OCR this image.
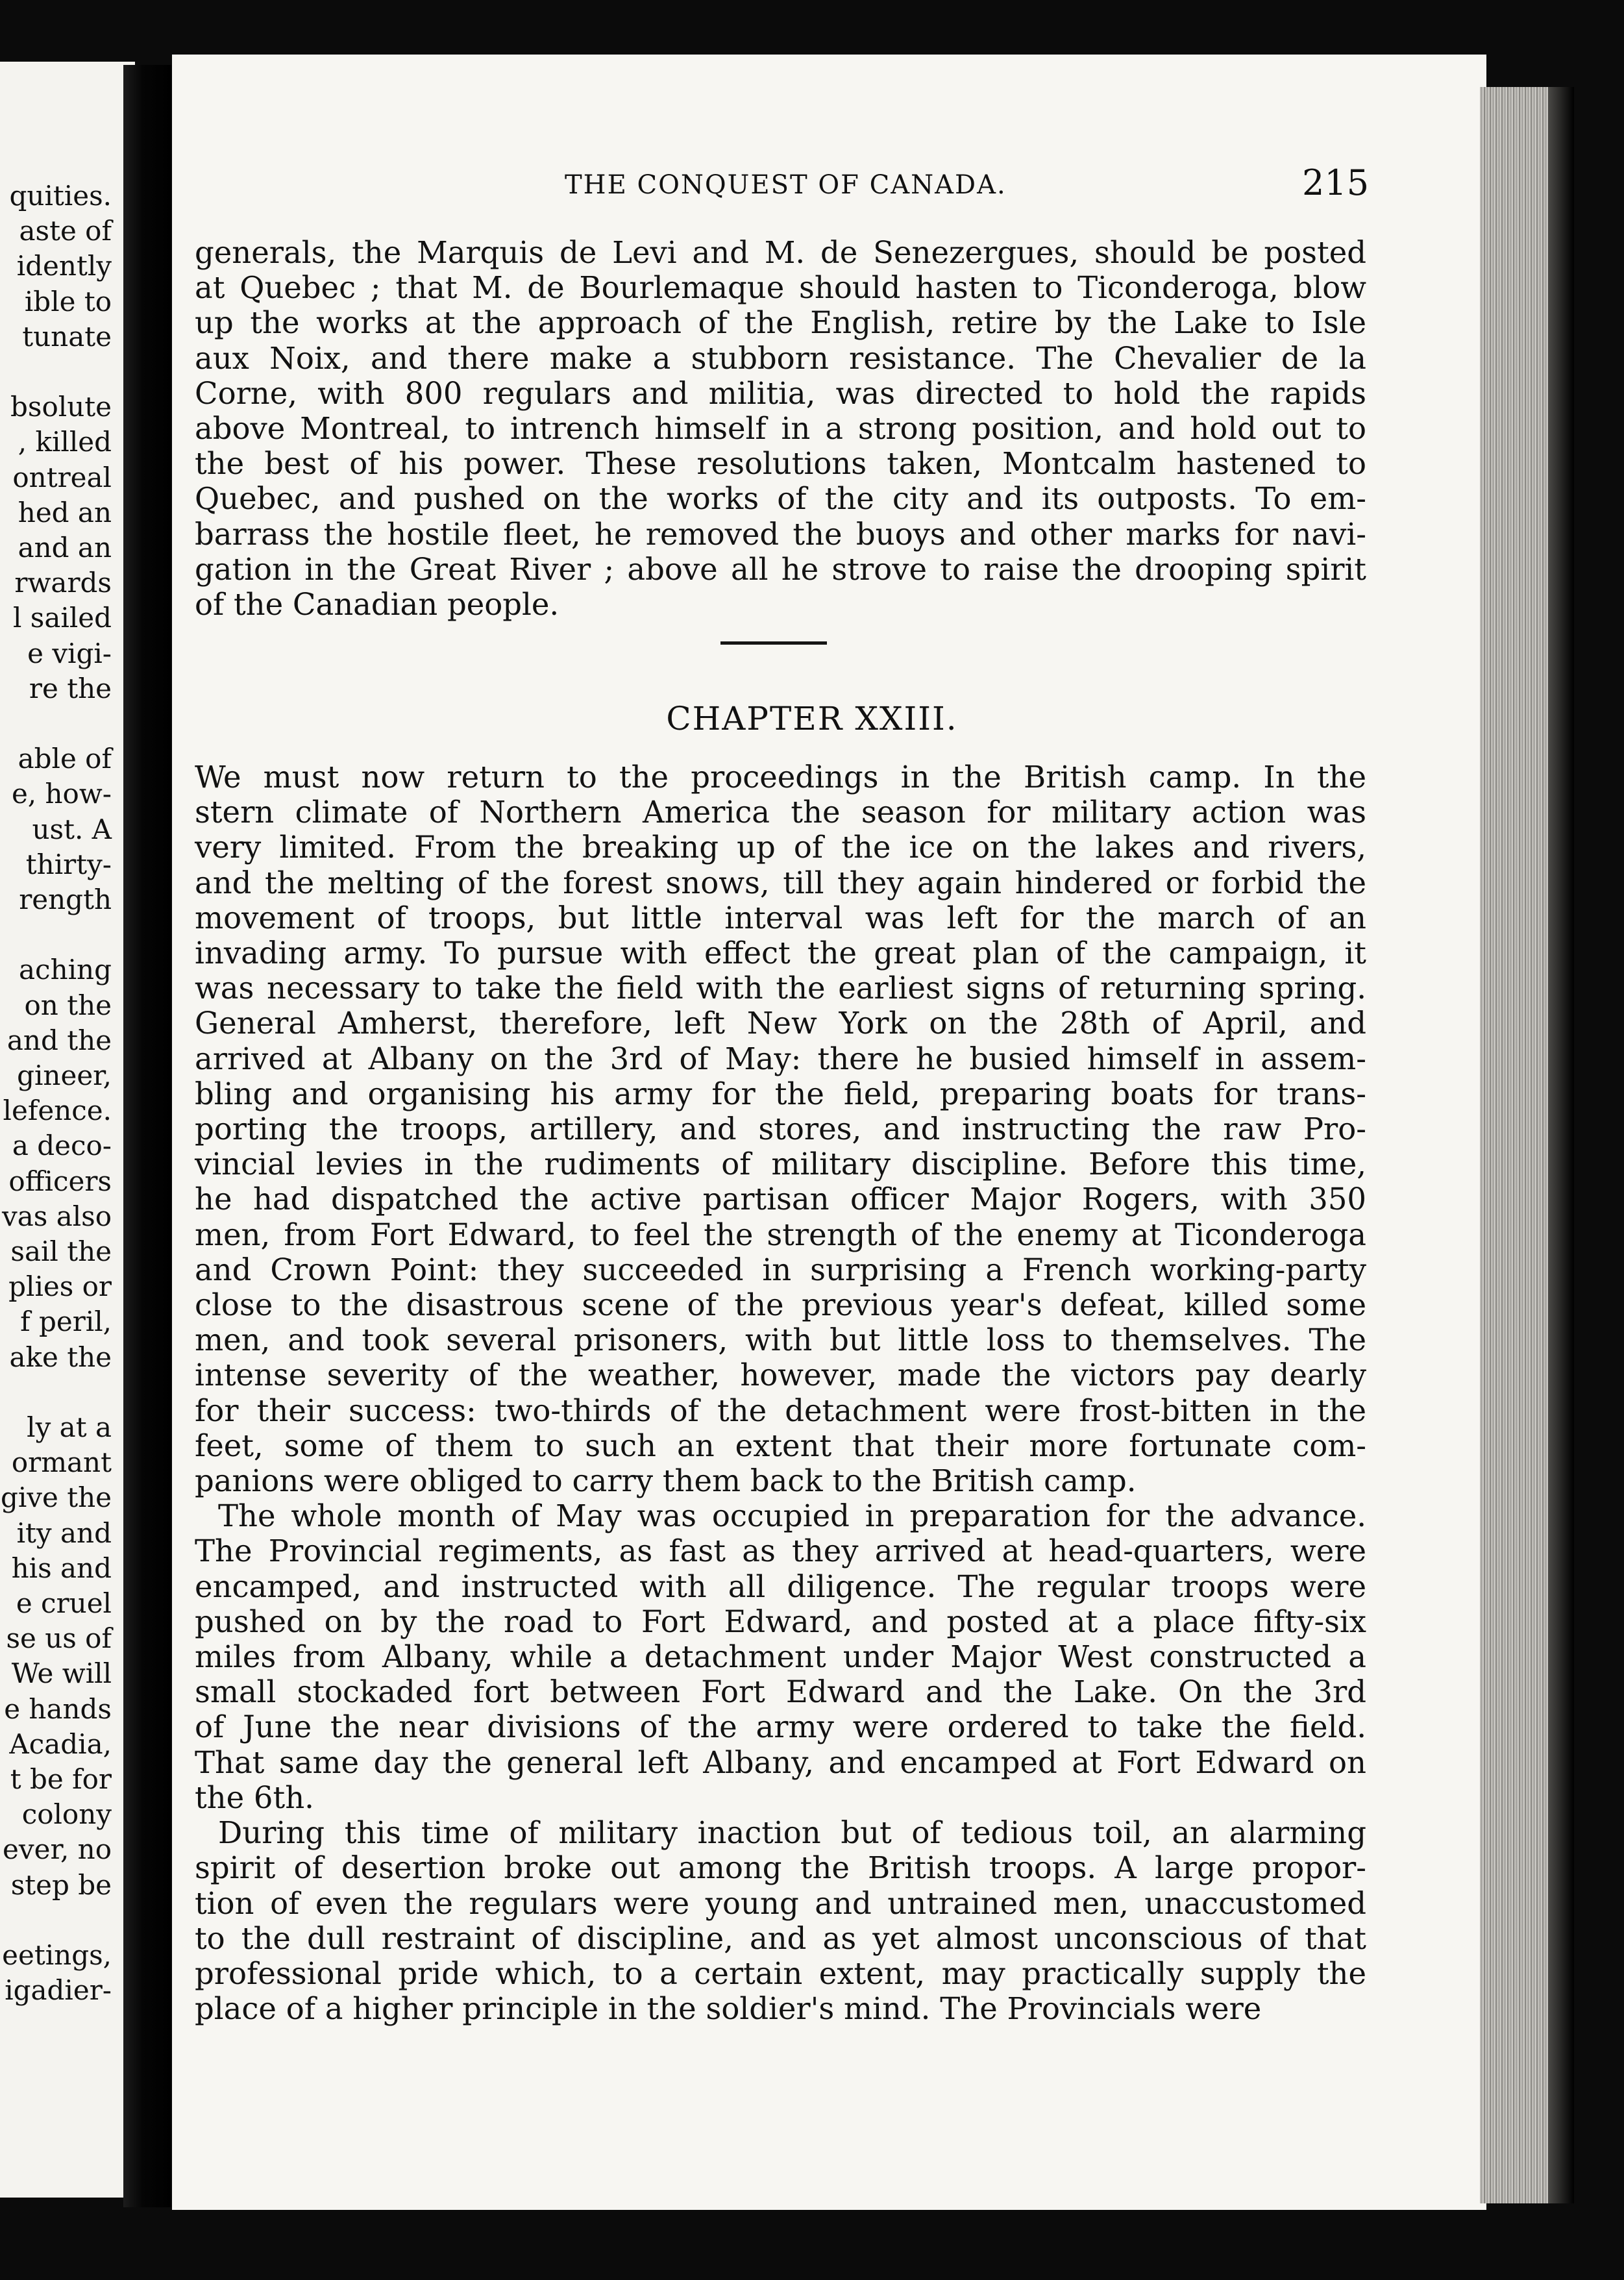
quities.
aste of
idently
ible to
tunate
bsolute
, killed
ontreal
hed an
and an
rwards
l sailed
e vigi-
re the
able of
e, how-
ust. A
thirty-
rength
aching
on the
and the
gineer,
lefence.
a deco-
officers
vas also
sail the
plies or
f peril,
ake the
ly at a
ormant
give the
ity and
his and
e cruel
se us of
We will
e hands
Acadia,
t be for
colony
ever, no
step be
eetings,
igadier-
THE CONQUEST OF CANADA.	215
generals, the Marquis de Levi and M. de Senezergues, should be posted
at Quebec ; that M. de Bourlemaque should hasten to Ticonderoga, blow
up the works at the approach of the English, retire by the Lake to Isle
aux Noix, and there make a stubborn resistance. The Chevalier de la
Corne, with 800 regulars and militia, was directed to hold the rapids
above Montreal, to intrench himself in a strong position, and hold out to
the best of his power. These resolutions taken, Montcalm hastened to
Quebec, and pushed on the works of the city and its outposts. To em-
barrass the hostile fleet, he removed the buoys and other marks for navi-
gation in the Great River ; above all he strove to raise the drooping spirit
of the Canadian people.
CHAPTER XXIII.
We must now return to the proceedings in the British camp. In the
stern climate of Northern America the season for military action was
very limited. From the breaking up of the ice on the lakes and rivers,
and the melting of the forest snows, till they again hindered or forbid the
movement of troops, but little interval was left for the march of an
invading army. To pursue with effect the great plan of the campaign, it
was necessary to take the field with the earliest signs of returning spring.
General Amherst, therefore, left New York on the 28th of April, and
arrived at Albany on the 3rd of May: there he busied himself in assem-
bling and organising his army for the field, preparing boats for trans-
porting the troops, artillery, and stores, and instructing the raw Pro-
vincial levies in the rudiments of military discipline. Before this time,
he had dispatched the active partisan officer Major Rogers, with 350
men, from Fort Edward, to feel the strength of the enemy at Ticonderoga
and Crown Point: they succeeded in surprising a French working-party
close to the disastrous scene of the previous year's defeat, killed some
men, and took several prisoners, with but little loss to themselves. The
intense severity of the weather, however, made the victors pay dearly
for their success: two-thirds of the detachment were frost-bitten in the
feet, some of them to such an extent that their more fortunate com-
panions were obliged to carry them back to the British camp.
The whole month of May was occupied in preparation for the advance.
The Provincial regiments, as fast as they arrived at head-quarters, were
encamped, and instructed with all diligence. The regular troops were
pushed on by the road to Fort Edward, and posted at a place fifty-six
miles from Albany, while a detachment under Major West constructed a
small stockaded fort between Fort Edward and the Lake. On the 3rd
of June the near divisions of the army were ordered to take the field.
That same day the general left Albany, and encamped at Fort Edward on
the 6th.
During this time of military inaction but of tedious toil, an alarming
spirit of desertion broke out among the British troops. A large propor-
tion of even the regulars were young and untrained men, unaccustomed
to the dull restraint of discipline, and as yet almost unconscious of that
professional pride which, to a certain extent, may practically supply the
place of a higher principle in the soldier's mind. The Provincials were
